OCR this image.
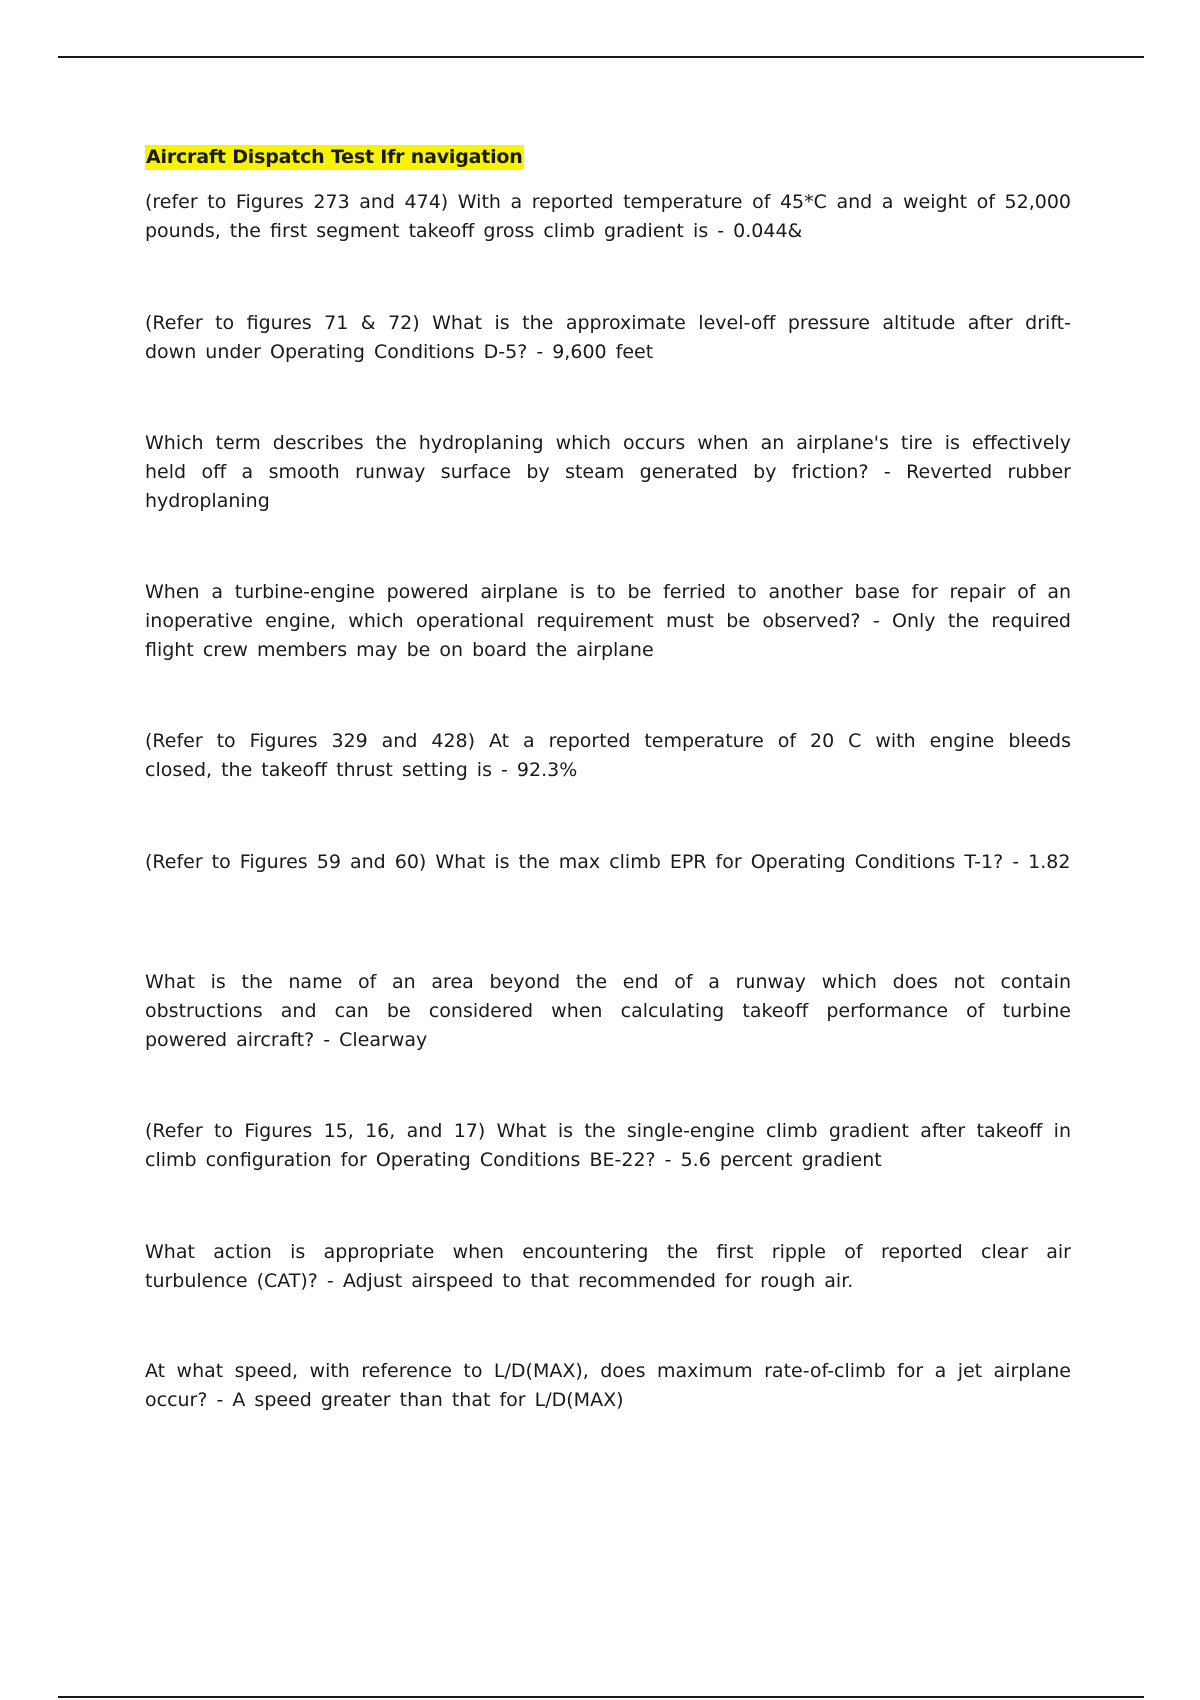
Aircraft Dispatch Test Ifr navigation
(refer to Figures 273 and 474) With a reported temperature of 45*C and a weight of 52,000 pounds, the first segment takeoff gross climb gradient is - 0.044&
(Refer to figures 71 & 72) What is the approximate level-off pressure altitude after drift-down under Operating Conditions D-5? - 9,600 feet
Which term describes the hydroplaning which occurs when an airplane's tire is effectively held off a smooth runway surface by steam generated by friction? - Reverted rubber hydroplaning
When a turbine-engine powered airplane is to be ferried to another base for repair of an inoperative engine, which operational requirement must be observed? - Only the required flight crew members may be on board the airplane
(Refer to Figures 329 and 428) At a reported temperature of 20 C with engine bleeds closed, the takeoff thrust setting is - 92.3%
(Refer to Figures 59 and 60) What is the max climb EPR for Operating Conditions T-1? - 1.82
What is the name of an area beyond the end of a runway which does not contain obstructions and can be considered when calculating takeoff performance of turbine powered aircraft? - Clearway
(Refer to Figures 15, 16, and 17) What is the single-engine climb gradient after takeoff in climb configuration for Operating Conditions BE-22? - 5.6 percent gradient
What action is appropriate when encountering the first ripple of reported clear air turbulence (CAT)? - Adjust airspeed to that recommended for rough air.
At what speed, with reference to L/D(MAX), does maximum rate-of-climb for a jet airplane occur? - A speed greater than that for L/D(MAX)
